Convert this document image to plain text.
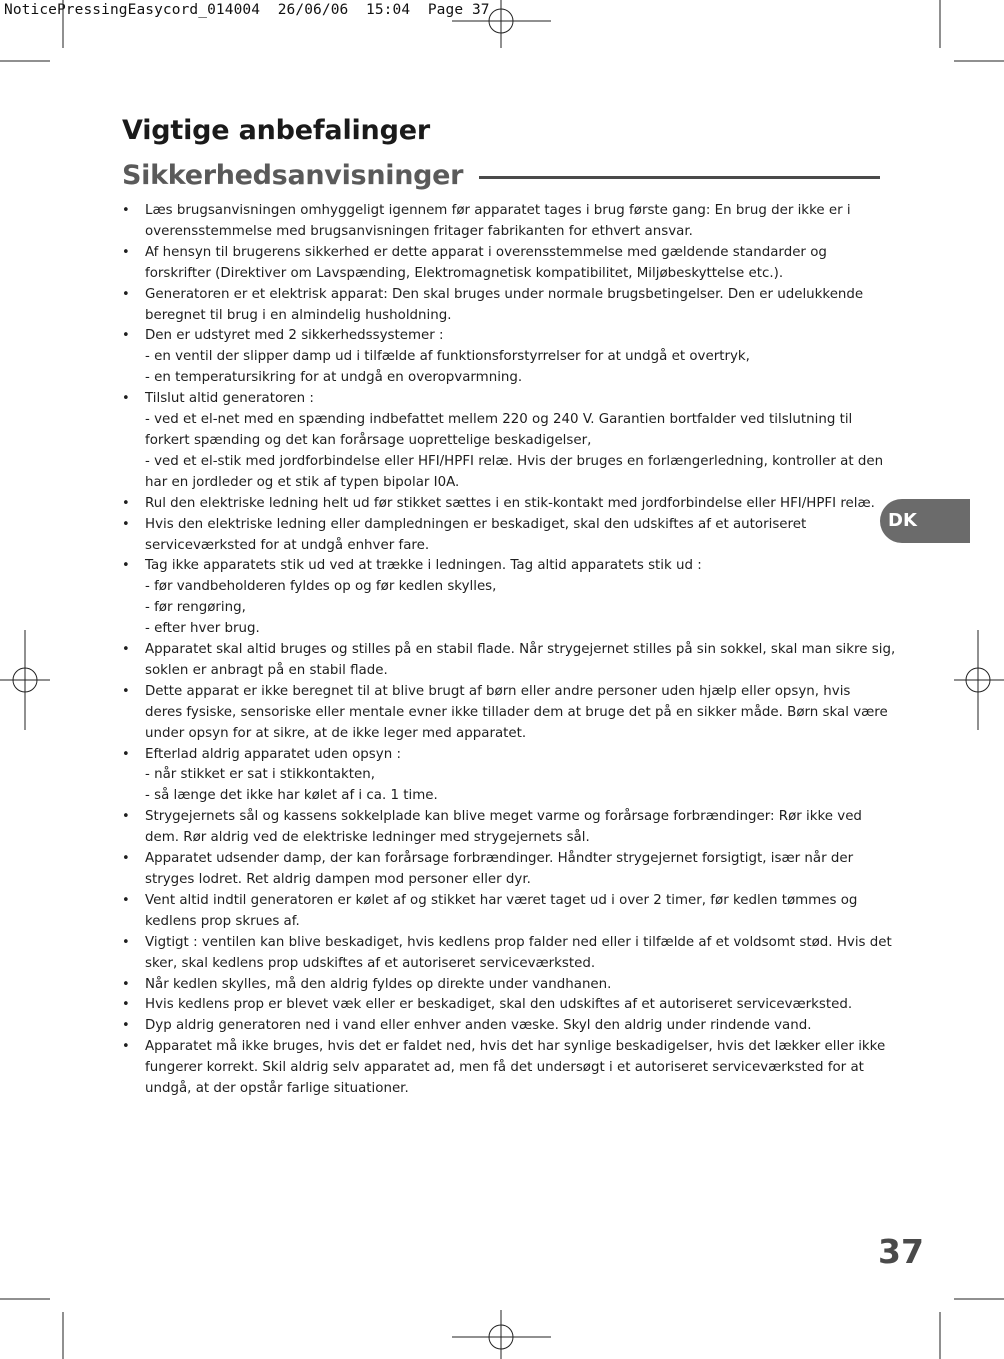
NoticePressingEasycord_014004  26/06/06  15:04  Page 37
Vigtige anbefalinger
Sikkerhedsanvisninger
• Læs brugsanvisningen omhyggeligt igennem før apparatet tages i brug første gang: En brug der ikke er i
overensstemmelse med brugsanvisningen fritager fabrikanten for ethvert ansvar.
• Af hensyn til brugerens sikkerhed er dette apparat i overensstemmelse med gældende standarder og
forskrifter (Direktiver om Lavspænding, Elektromagnetisk kompatibilitet, Miljøbeskyttelse etc.).
• Generatoren er et elektrisk apparat: Den skal bruges under normale brugsbetingelser. Den er udelukkende
beregnet til brug i en almindelig husholdning.
• Den er udstyret med 2 sikkerhedssystemer :
- en ventil der slipper damp ud i tilfælde af funktionsforstyrrelser for at undgå et overtryk,
- en temperatursikring for at undgå en overopvarmning.
• Tilslut altid generatoren :
- ved et el-net med en spænding indbefattet mellem 220 og 240 V. Garantien bortfalder ved tilslutning til
forkert spænding og det kan forårsage uoprettelige beskadigelser,
- ved et el-stik med jordforbindelse eller HFI/HPFI relæ. Hvis der bruges en forlængerledning, kontroller at den
har en jordleder og et stik af typen bipolar I0A.
• Rul den elektriske ledning helt ud før stikket sættes i en stik-kontakt med jordforbindelse eller HFI/HPFI relæ.
• Hvis den elektriske ledning eller dampledningen er beskadiget, skal den udskiftes af et autoriseret
serviceværksted for at undgå enhver fare.
• Tag ikke apparatets stik ud ved at trække i ledningen. Tag altid apparatets stik ud :
- før vandbeholderen fyldes op og før kedlen skylles,
- før rengøring,
- efter hver brug.
• Apparatet skal altid bruges og stilles på en stabil flade. Når strygejernet stilles på sin sokkel, skal man sikre sig,
soklen er anbragt på en stabil flade.
• Dette apparat er ikke beregnet til at blive brugt af børn eller andre personer uden hjælp eller opsyn, hvis
deres fysiske, sensoriske eller mentale evner ikke tillader dem at bruge det på en sikker måde. Børn skal være
under opsyn for at sikre, at de ikke leger med apparatet.
• Efterlad aldrig apparatet uden opsyn :
- når stikket er sat i stikkontakten,
- så længe det ikke har kølet af i ca. 1 time.
• Strygejernets sål og kassens sokkelplade kan blive meget varme og forårsage forbrændinger: Rør ikke ved
dem. Rør aldrig ved de elektriske ledninger med strygejernets sål.
• Apparatet udsender damp, der kan forårsage forbrændinger. Håndter strygejernet forsigtigt, især når der
stryges lodret. Ret aldrig dampen mod personer eller dyr.
• Vent altid indtil generatoren er kølet af og stikket har været taget ud i over 2 timer, før kedlen tømmes og
kedlens prop skrues af.
• Vigtigt : ventilen kan blive beskadiget, hvis kedlens prop falder ned eller i tilfælde af et voldsomt stød. Hvis det
sker, skal kedlens prop udskiftes af et autoriseret serviceværksted.
• Når kedlen skylles, må den aldrig fyldes op direkte under vandhanen.
• Hvis kedlens prop er blevet væk eller er beskadiget, skal den udskiftes af et autoriseret serviceværksted.
• Dyp aldrig generatoren ned i vand eller enhver anden væske. Skyl den aldrig under rindende vand.
• Apparatet må ikke bruges, hvis det er faldet ned, hvis det har synlige beskadigelser, hvis det lækker eller ikke
fungerer korrekt. Skil aldrig selv apparatet ad, men få det undersøgt i et autoriseret serviceværksted for at
undgå, at der opstår farlige situationer.
DK
37
